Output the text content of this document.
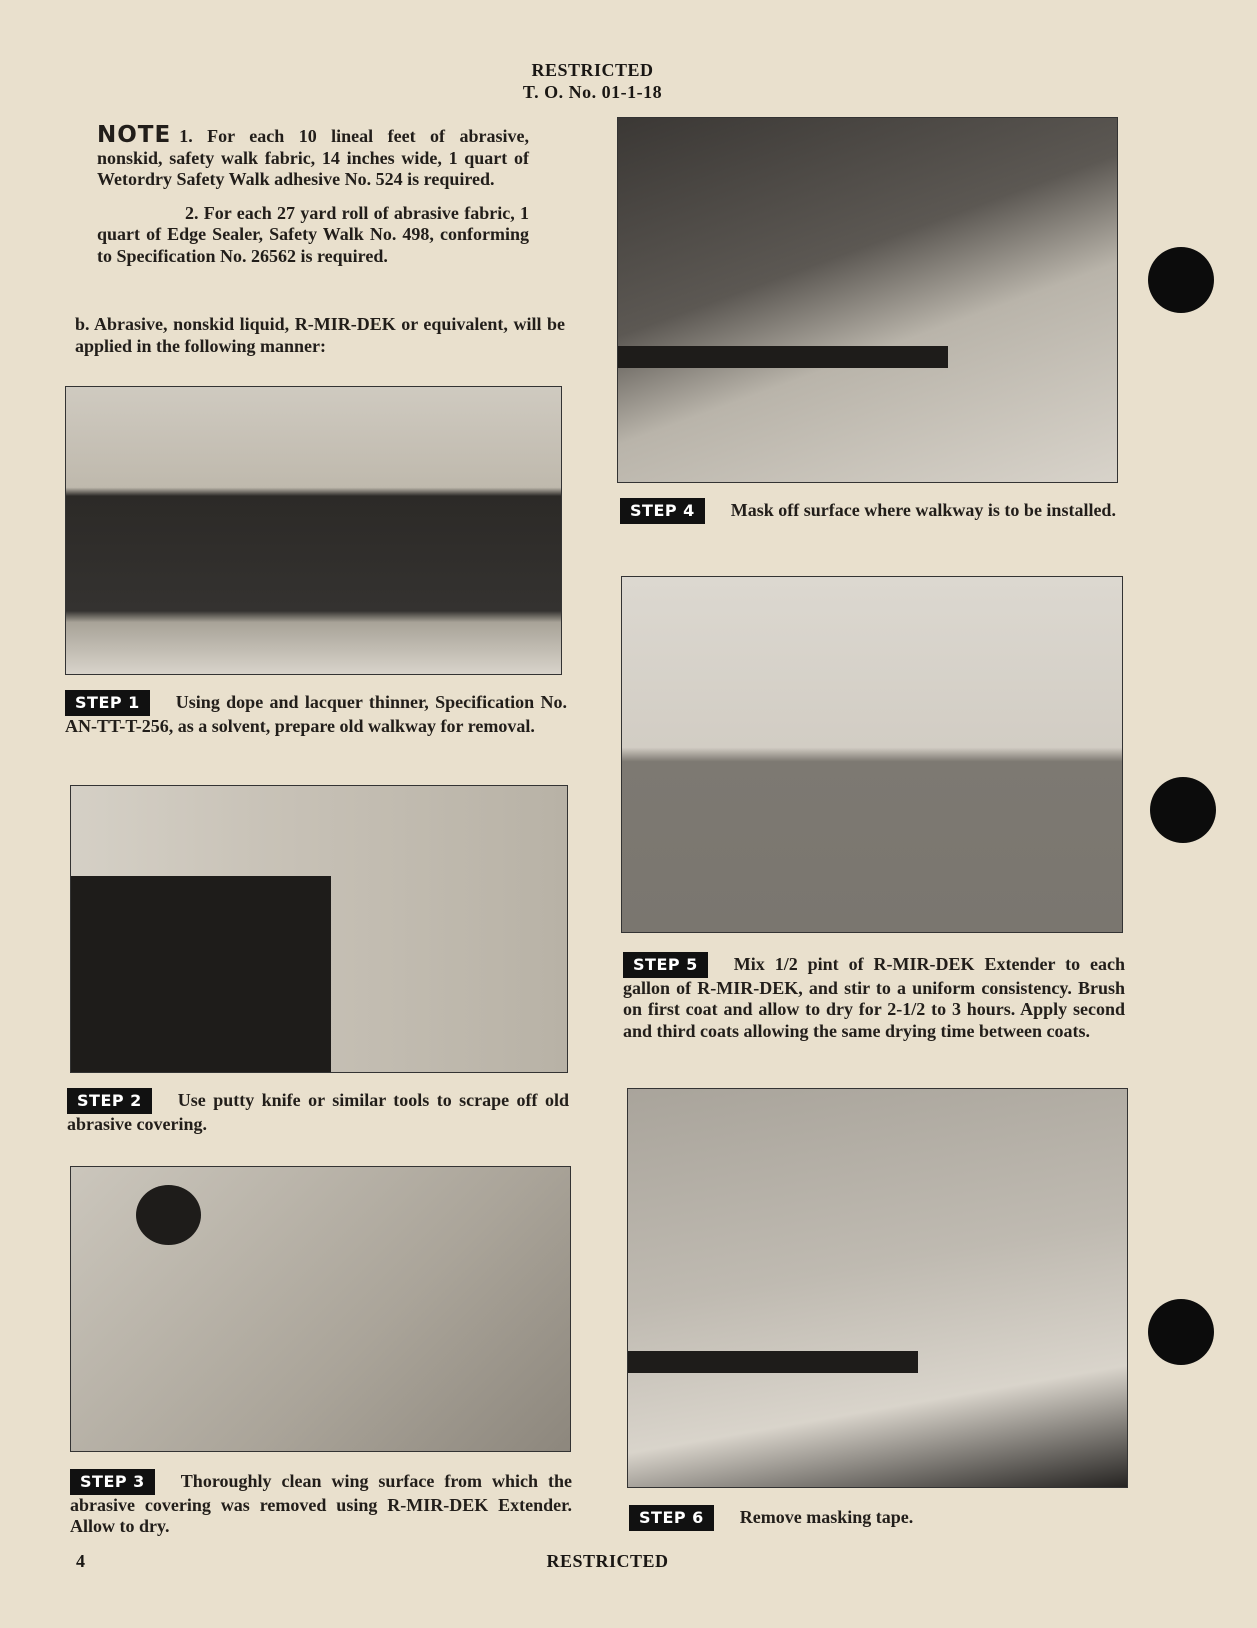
RESTRICTED
T. O. No. 01-1-18

NOTE 1. For each 10 lineal feet of abrasive, nonskid, safety walk fabric, 14 inches wide, 1 quart of Wetordry Safety Walk adhesive No. 524 is required.

2. For each 27 yard roll of abrasive fabric, 1 quart of Edge Sealer, Safety Walk No. 498, conforming to Specification No. 26562 is required.

b. Abrasive, nonskid liquid, R-MIR-DEK or equivalent, will be applied in the following manner:
STEP 1 Using dope and lacquer thinner, Specification No. AN-TT-T-256, as a solvent, prepare old walkway for removal.
STEP 2 Use putty knife or similar tools to scrape off old abrasive covering.
STEP 3 Thoroughly clean wing surface from which the abrasive covering was removed using R-MIR-DEK Extender. Allow to dry.
STEP 4 Mask off surface where walkway is to be installed.
STEP 5 Mix 1/2 pint of R-MIR-DEK Extender to each gallon of R-MIR-DEK, and stir to a uniform consistency. Brush on first coat and allow to dry for 2-1/2 to 3 hours. Apply second and third coats allowing the same drying time between coats.
STEP 6 Remove masking tape.
4	RESTRICTED
